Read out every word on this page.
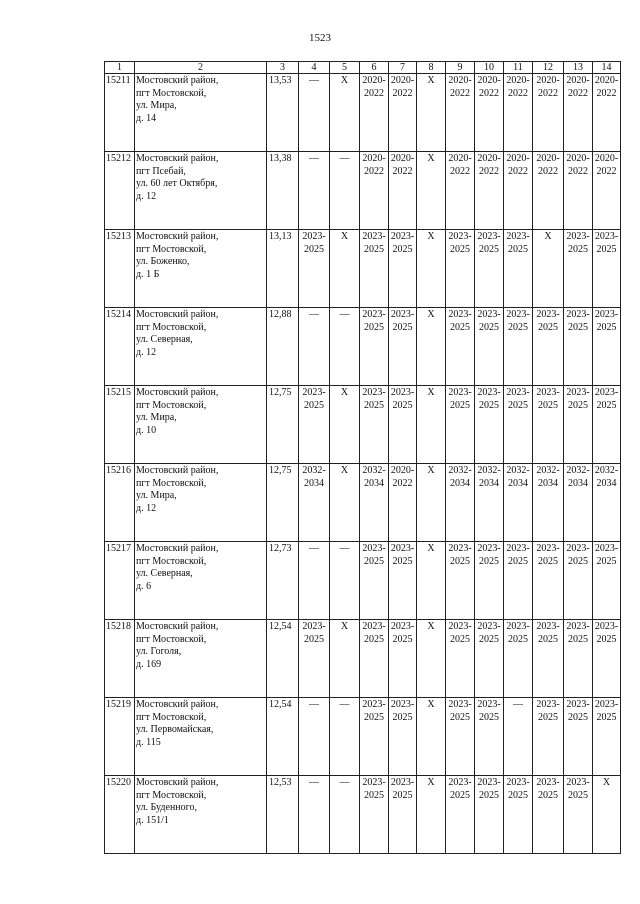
1523
1	2	3	4	5	6	7	8	9	10	11	12	13	14
15211	Мостовский район,
пгт Мостовской,
ул. Мира,
д. 14	13,53	—	Х	2020-
2022	2020-
2022	Х	2020-
2022	2020-
2022	2020-
2022	2020-
2022	2020-
2022	2020-
2022

15212	Мостовский район,
пгт Псебай,
ул. 60 лет Октября,
д. 12	13,38	—	—	2020-
2022	2020-
2022	Х	2020-
2022	2020-
2022	2020-
2022	2020-
2022	2020-
2022	2020-
2022

15213	Мостовский район,
пгт Мостовской,
ул. Боженко,
д. 1 Б	13,13	2023-
2025	Х	2023-
2025	2023-
2025	Х	2023-
2025	2023-
2025	2023-
2025	Х	2023-
2025	2023-
2025

15214	Мостовский район,
пгт Мостовской,
ул. Северная,
д. 12	12,88	—	—	2023-
2025	2023-
2025	Х	2023-
2025	2023-
2025	2023-
2025	2023-
2025	2023-
2025	2023-
2025

15215	Мостовский район,
пгт Мостовской,
ул. Мира,
д. 10	12,75	2023-
2025	Х	2023-
2025	2023-
2025	Х	2023-
2025	2023-
2025	2023-
2025	2023-
2025	2023-
2025	2023-
2025

15216	Мостовский район,
пгт Мостовской,
ул. Мира,
д. 12	12,75	2032-
2034	Х	2032-
2034	2020-
2022	Х	2032-
2034	2032-
2034	2032-
2034	2032-
2034	2032-
2034	2032-
2034

15217	Мостовский район,
пгт Мостовской,
ул. Северная,
д. 6	12,73	—	—	2023-
2025	2023-
2025	Х	2023-
2025	2023-
2025	2023-
2025	2023-
2025	2023-
2025	2023-
2025

15218	Мостовский район,
пгт Мостовской,
ул. Гоголя,
д. 169	12,54	2023-
2025	Х	2023-
2025	2023-
2025	Х	2023-
2025	2023-
2025	2023-
2025	2023-
2025	2023-
2025	2023-
2025

15219	Мостовский район,
пгт Мостовской,
ул. Первомайская,
д. 115	12,54	—	—	2023-
2025	2023-
2025	Х	2023-
2025	2023-
2025	—	2023-
2025	2023-
2025	2023-
2025

15220	Мостовский район,
пгт Мостовской,
ул. Буденного,
д. 151/1	12,53	—	—	2023-
2025	2023-
2025	Х	2023-
2025	2023-
2025	2023-
2025	2023-
2025	2023-
2025	Х
